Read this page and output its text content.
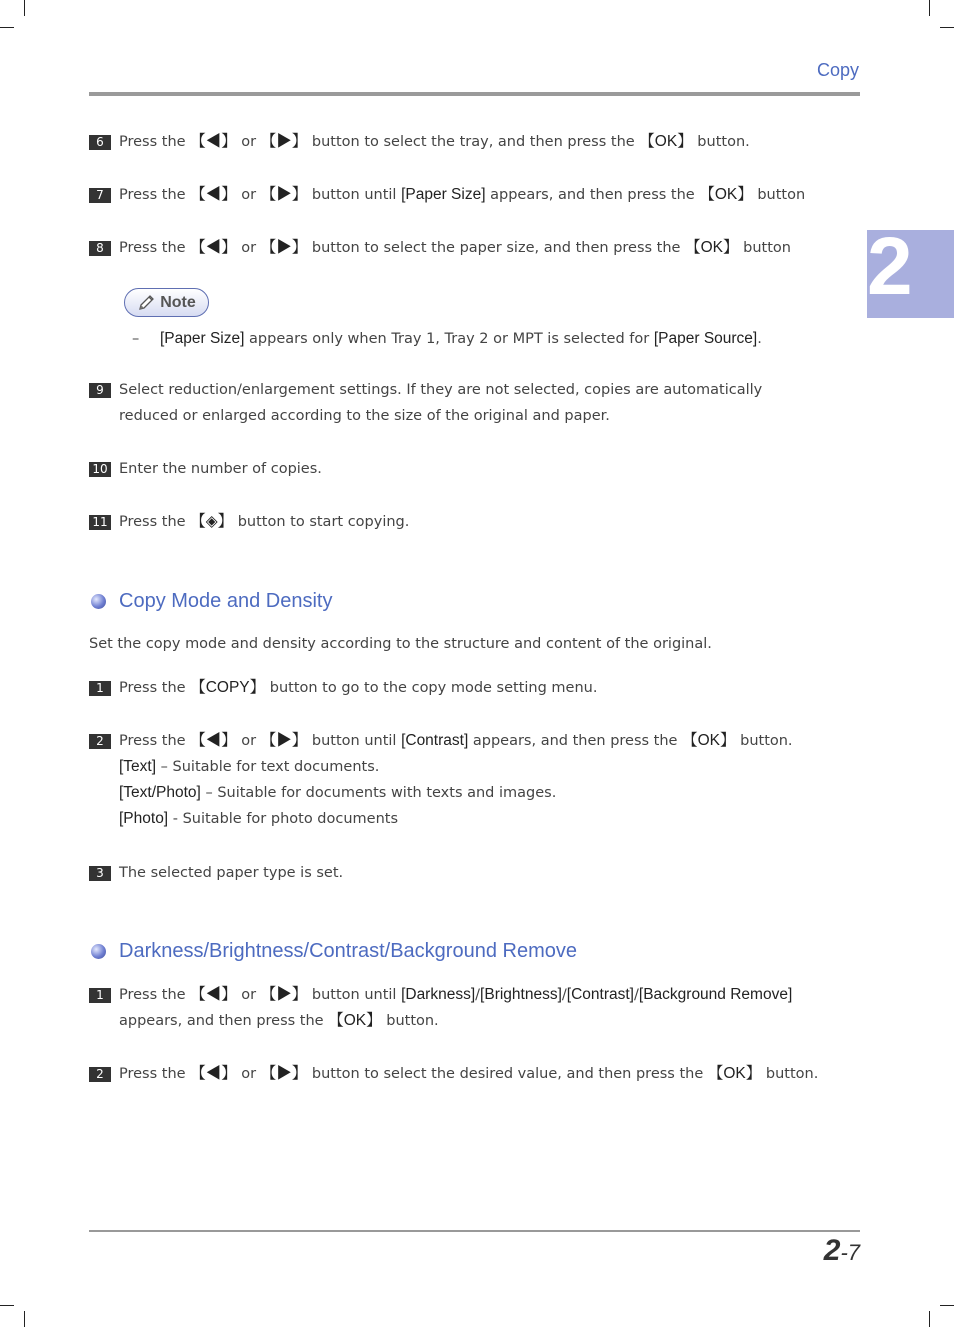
Copy
2
6 Press the 【◀】 or 【▶】 button to select the tray, and then press the 【OK】 button.
7 Press the 【◀】 or 【▶】 button until [Paper Size] appears, and then press the 【OK】 button
8 Press the 【◀】 or 【▶】 button to select the paper size, and then press the 【OK】 button
Note
– [Paper Size] appears only when Tray 1, Tray 2 or MPT is selected for [Paper Source].
9 Select reduction/enlargement settings. If they are not selected, copies are automatically
reduced or enlarged according to the size of the original and paper.
10 Enter the number of copies.
11 Press the 【◈】 button to start copying.
Copy Mode and Density
Set the copy mode and density according to the structure and content of the original.
1 Press the 【COPY】 button to go to the copy mode setting menu.
2 Press the 【◀】 or 【▶】 button until [Contrast] appears, and then press the 【OK】 button.
[Text] – Suitable for text documents.
[Text/Photo] – Suitable for documents with texts and images.
[Photo] - Suitable for photo documents
3 The selected paper type is set.
Darkness/Brightness/Contrast/Background Remove
1 Press the 【◀】 or 【▶】 button until [Darkness]/[Brightness]/[Contrast]/[Background Remove]
appears, and then press the 【OK】 button.
2 Press the 【◀】 or 【▶】 button to select the desired value, and then press the 【OK】 button.
2-7
